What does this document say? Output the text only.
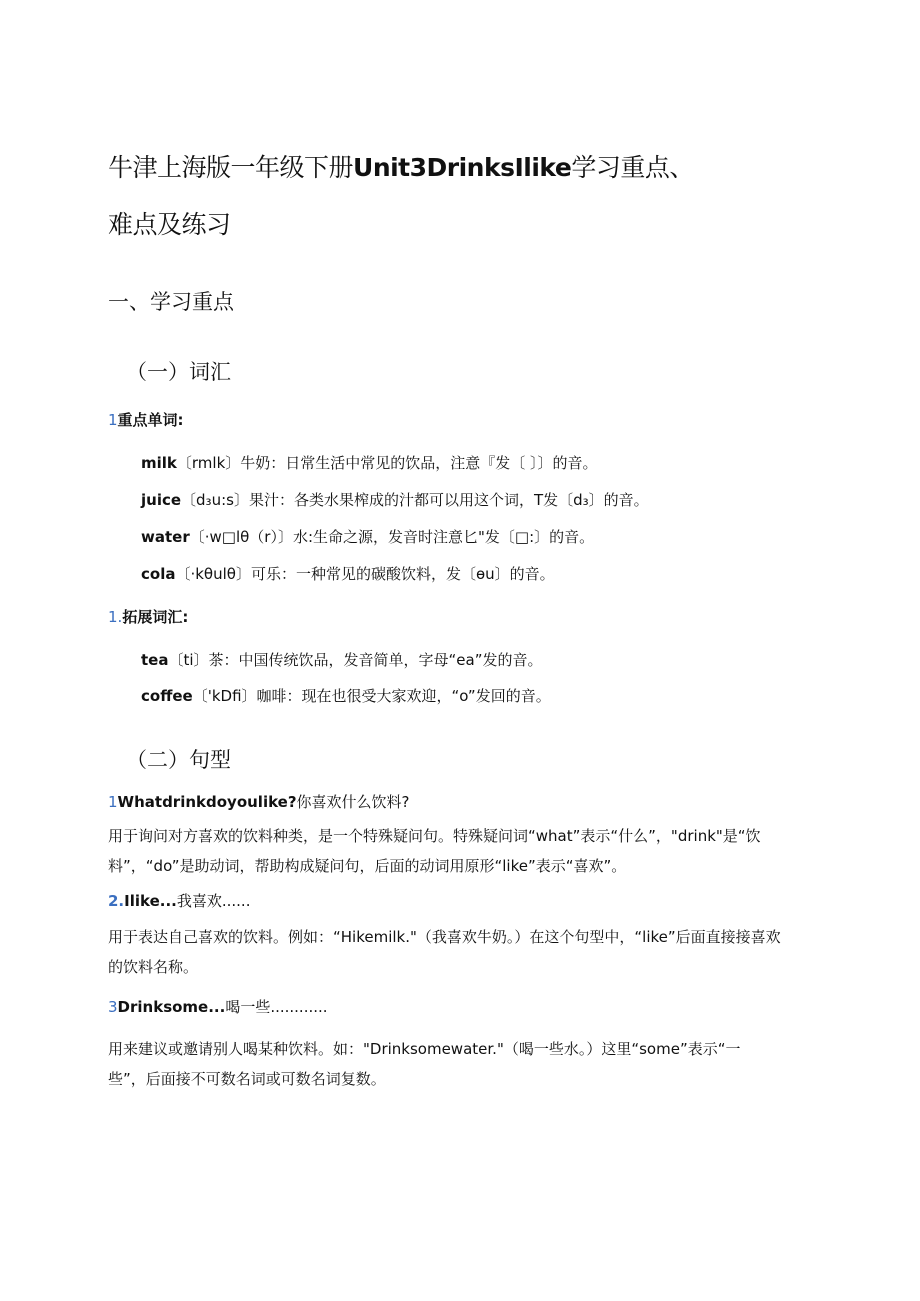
牛津上海版一年级下册Unit3DrinksIlike学习重点、
难点及练习
一、学习重点
（一）词汇
1重点单词:
milk〔rmlk〕牛奶：日常生活中常见的饮品，注意『发〔 〕〕的音。
juice〔d₃u:s〕果汁：各类水果榨成的汁都可以用这个词，T发〔d₃〕的音。
water〔·w□lθ（r）〕水:生命之源，发音时注意匕"发〔□:〕的音。
cola〔·kθulθ〕可乐：一种常见的碳酸饮料，发〔ɵu〕的音。
1.拓展词汇:
tea〔ti〕茶：中国传统饮品，发音简单，字母“ea”发的音。
coffee〔'kDfi〕咖啡：现在也很受大家欢迎，“o”发回的音。
（二）句型
1Whatdrinkdoyoulike?你喜欢什么饮料?
用于询问对方喜欢的饮料种类，是一个特殊疑问句。特殊疑问词“what”表示“什么”，"drink"是“饮
料”，“do”是助动词，帮助构成疑问句，后面的动词用原形“like”表示“喜欢”。
2.Ilike...我喜欢......
用于表达自己喜欢的饮料。例如：“Hikemilk."（我喜欢牛奶。）在这个句型中，“like”后面直接接喜欢
的饮料名称。
3Drinksome...喝一些............
用来建议或邀请别人喝某种饮料。如："Drinksomewater."（喝一些水。）这里“some”表示“一
些”，后面接不可数名词或可数名词复数。
